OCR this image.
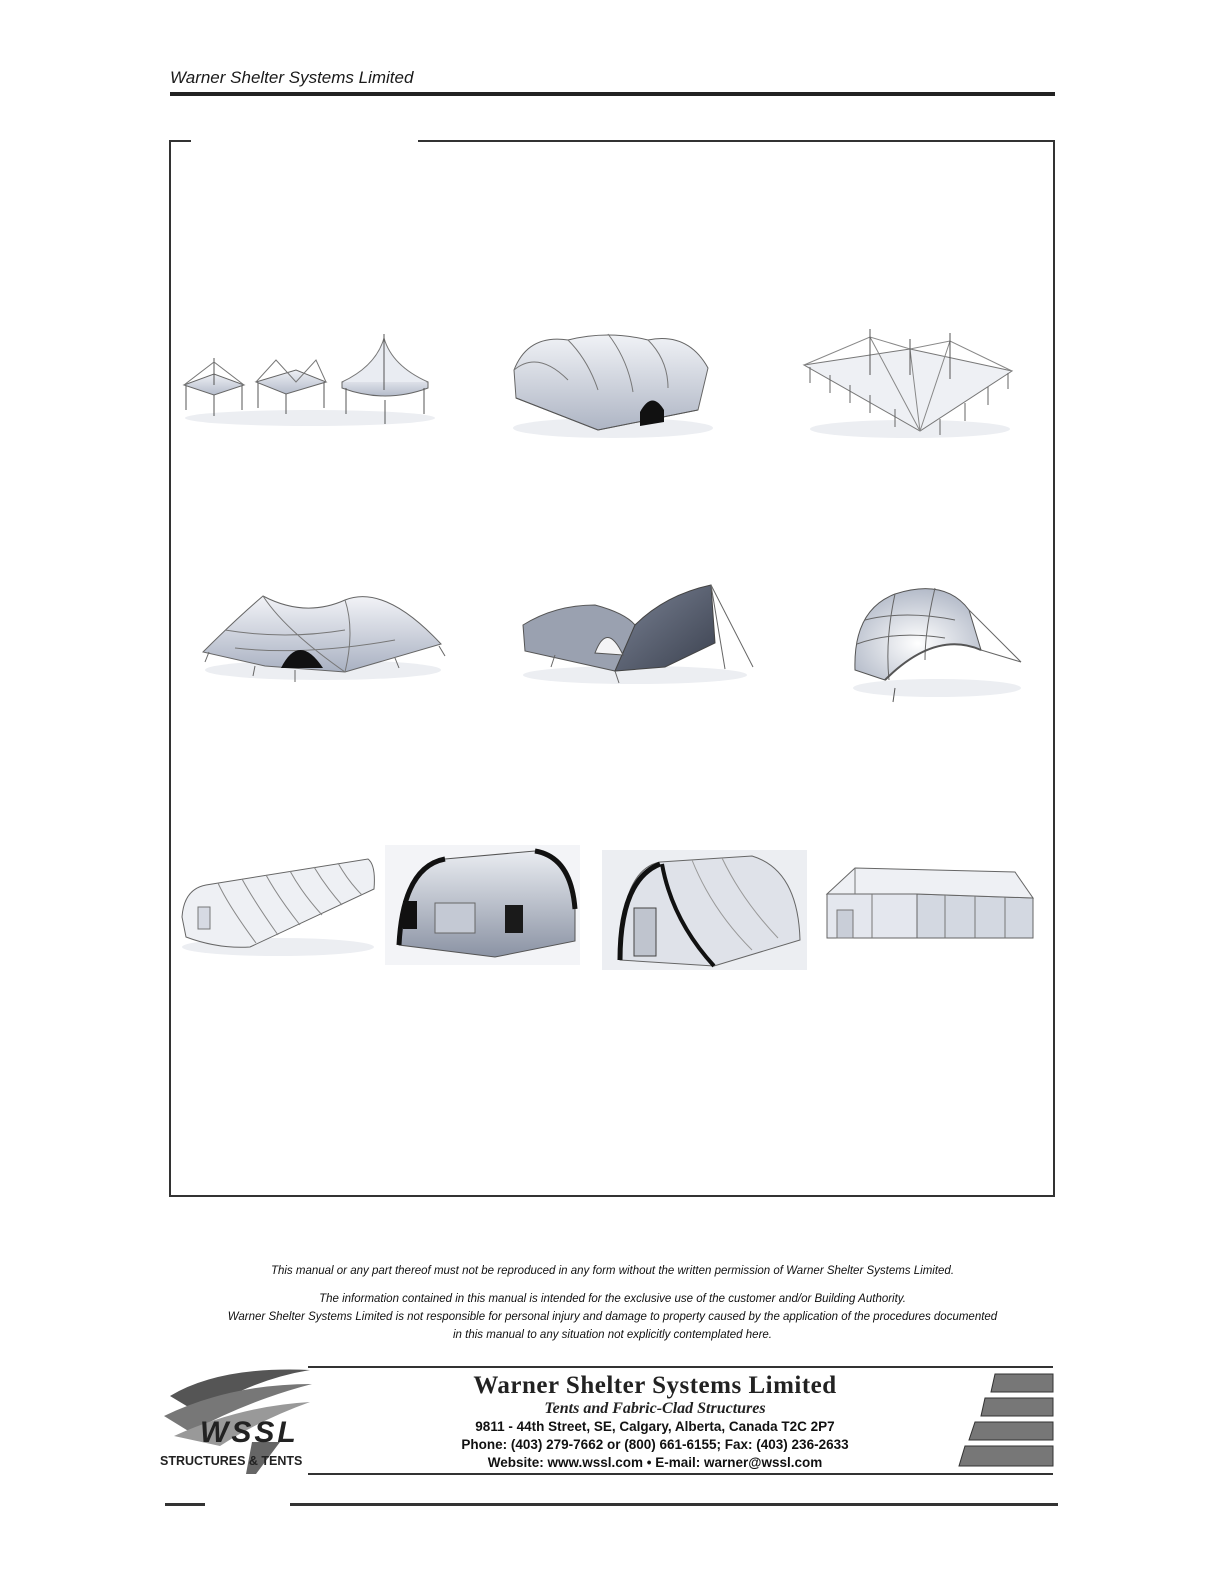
Warner Shelter Systems Limited
This manual or any part thereof must not be reproduced in any form without the written permission of Warner Shelter Systems Limited.
The information contained in this manual is intended for the exclusive use of the customer and/or Building Authority.
Warner Shelter Systems Limited is not responsible for personal injury and damage to property caused by the application of the procedures documented
in this manual to any situation not explicitly contemplated here.
WSSL
STRUCTURES & TENTS
Warner Shelter Systems Limited
Tents and Fabric-Clad Structures
9811 - 44th Street, SE, Calgary, Alberta, Canada T2C 2P7
Phone: (403) 279-7662 or (800) 661-6155; Fax: (403) 236-2633
Website: www.wssl.com • E-mail: warner@wssl.com
